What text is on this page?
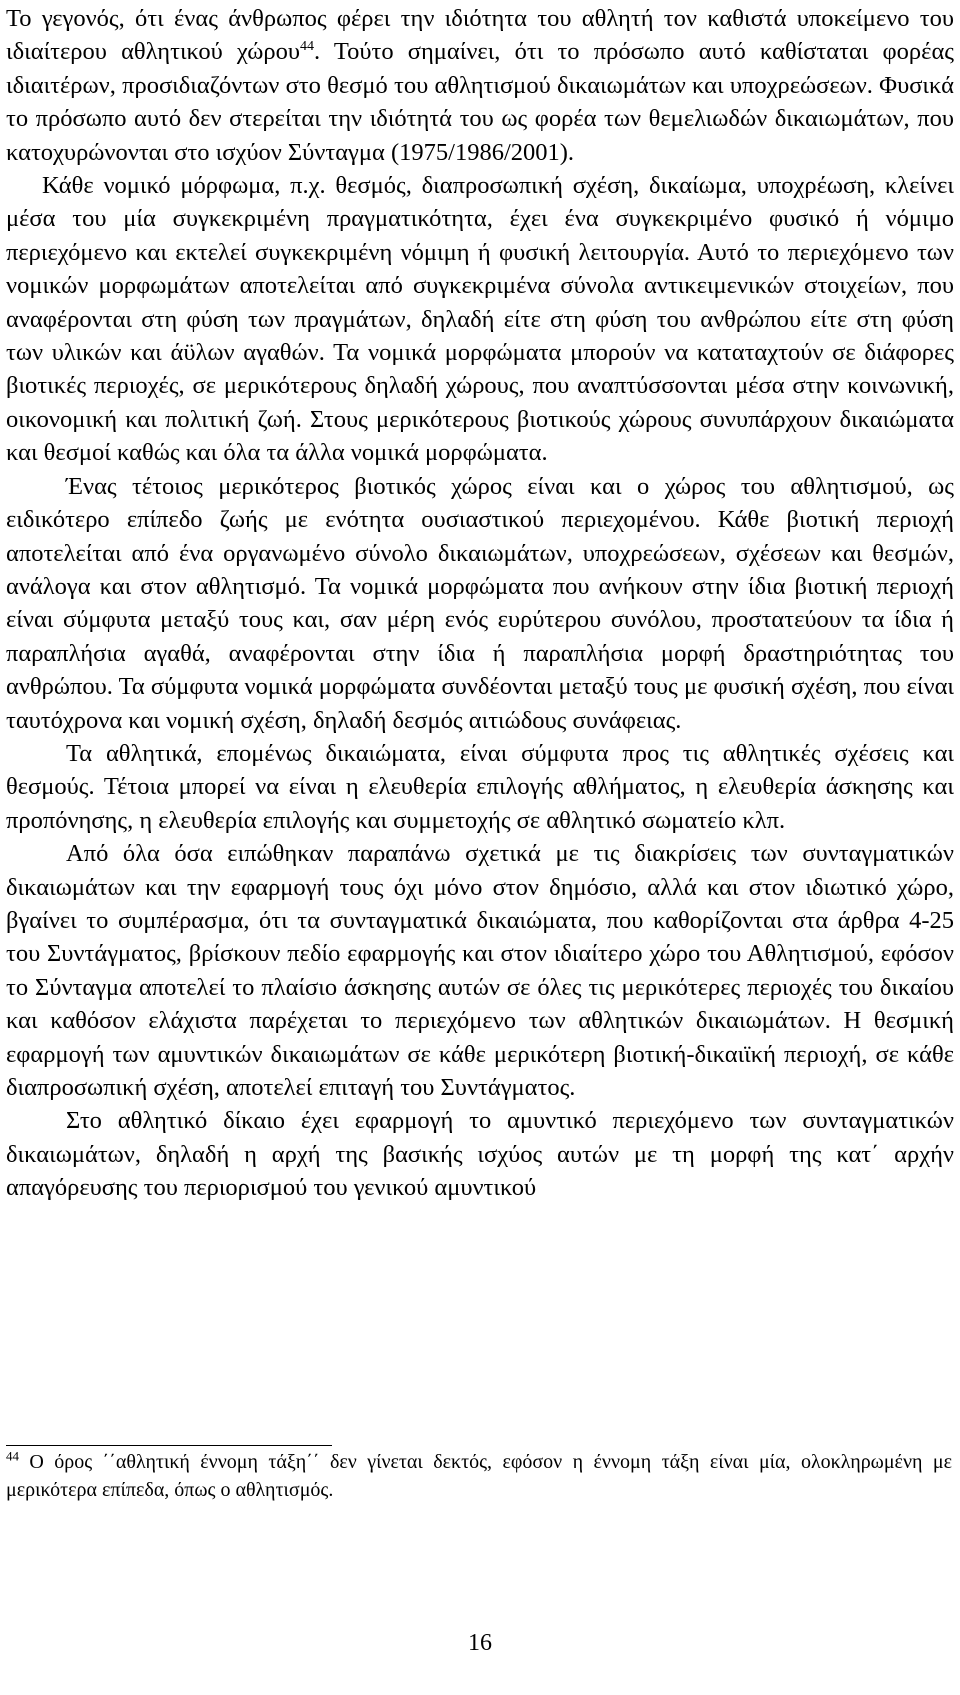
Το γεγονός, ότι ένας άνθρωπος φέρει την ιδιότητα του αθλητή τον καθιστά υποκείμενο του ιδιαίτερου αθλητικού χώρου$^{44}$. Τούτο σημαίνει, ότι το πρόσωπο αυτό καθίσταται φορέας ιδιαιτέρων, προσιδιαζόντων στο θεσμό του αθλητισμού δικαιωμάτων και υποχρεώσεων. Φυσικά το πρόσωπο αυτό δεν στερείται την ιδιότητά του ως φορέα των θεμελιωδών δικαιωμάτων, που κατοχυρώνονται στο ισχύον Σύνταγμα (1975/1986/2001).

Κάθε νομικό μόρφωμα, π.χ. θεσμός, διαπροσωπική σχέση, δικαίωμα, υποχρέωση, κλείνει μέσα του μία συγκεκριμένη πραγματικότητα, έχει ένα συγκεκριμένο φυσικό ή νόμιμο περιεχόμενο και εκτελεί συγκεκριμένη νόμιμη ή φυσική λειτουργία. Αυτό το περιεχόμενο των νομικών μορφωμάτων αποτελείται από συγκεκριμένα σύνολα αντικειμενικών στοιχείων, που αναφέρονται στη φύση των πραγμάτων, δηλαδή είτε στη φύση του ανθρώπου είτε στη φύση των υλικών και άϋλων αγαθών. Τα νομικά μορφώματα μπορούν να καταταχτούν σε διάφορες βιοτικές περιοχές, σε μερικότερους δηλαδή χώρους, που αναπτύσσονται μέσα στην κοινωνική, οικονομική και πολιτική ζωή. Στους μερικότερους βιοτικούς χώρους συνυπάρχουν δικαιώματα και θεσμοί καθώς και όλα τα άλλα νομικά μορφώματα.

Ένας τέτοιος μερικότερος βιοτικός χώρος είναι και ο χώρος του αθλητισμού, ως ειδικότερο επίπεδο ζωής με ενότητα ουσιαστικού περιεχομένου. Κάθε βιοτική περιοχή αποτελείται από ένα οργανωμένο σύνολο δικαιωμάτων, υποχρεώσεων, σχέσεων και θεσμών, ανάλογα και στον αθλητισμό. Τα νομικά μορφώματα που ανήκουν στην ίδια βιοτική περιοχή είναι σύμφυτα μεταξύ τους και, σαν μέρη ενός ευρύτερου συνόλου, προστατεύουν τα ίδια ή παραπλήσια αγαθά, αναφέρονται στην ίδια ή παραπλήσια μορφή δραστηριότητας του ανθρώπου. Τα σύμφυτα νομικά μορφώματα συνδέονται μεταξύ τους με φυσική σχέση, που είναι ταυτόχρονα και νομική σχέση, δηλαδή δεσμός αιτιώδους συνάφειας.

Τα αθλητικά, επομένως δικαιώματα, είναι σύμφυτα προς τις αθλητικές σχέσεις και θεσμούς. Τέτοια μπορεί να είναι η ελευθερία επιλογής αθλήματος, η ελευθερία άσκησης και προπόνησης, η ελευθερία επιλογής και συμμετοχής σε αθλητικό σωματείο κλπ.

Από όλα όσα ειπώθηκαν παραπάνω σχετικά με τις διακρίσεις των συνταγματικών δικαιωμάτων και την εφαρμογή τους όχι μόνο στον δημόσιο, αλλά και στον ιδιωτικό χώρο, βγαίνει το συμπέρασμα, ότι τα συνταγματικά δικαιώματα, που καθορίζονται στα άρθρα 4-25 του Συντάγματος, βρίσκουν πεδίο εφαρμογής και στον ιδιαίτερο χώρο του Αθλητισμού, εφόσον το Σύνταγμα αποτελεί το πλαίσιο άσκησης αυτών σε όλες τις μερικότερες περιοχές του δικαίου και καθόσον ελάχιστα παρέχεται το περιεχόμενο των αθλητικών δικαιωμάτων. Η θεσμική εφαρμογή των αμυντικών δικαιωμάτων σε κάθε μερικότερη βιοτική-δικαιϊκή περιοχή, σε κάθε διαπροσωπική σχέση, αποτελεί επιταγή του Συντάγματος.

Στο αθλητικό δίκαιο έχει εφαρμογή το αμυντικό περιεχόμενο των συνταγματικών δικαιωμάτων, δηλαδή η αρχή της βασικής ισχύος αυτών με τη μορφή της κατ΄ αρχήν απαγόρευσης του περιορισμού του γενικού αμυντικού

$^{44}$ Ο όρος ΄΄αθλητική έννομη τάξη΄΄ δεν γίνεται δεκτός, εφόσον η έννομη τάξη είναι μία, ολοκληρωμένη με μερικότερα επίπεδα, όπως ο αθλητισμός.
16
